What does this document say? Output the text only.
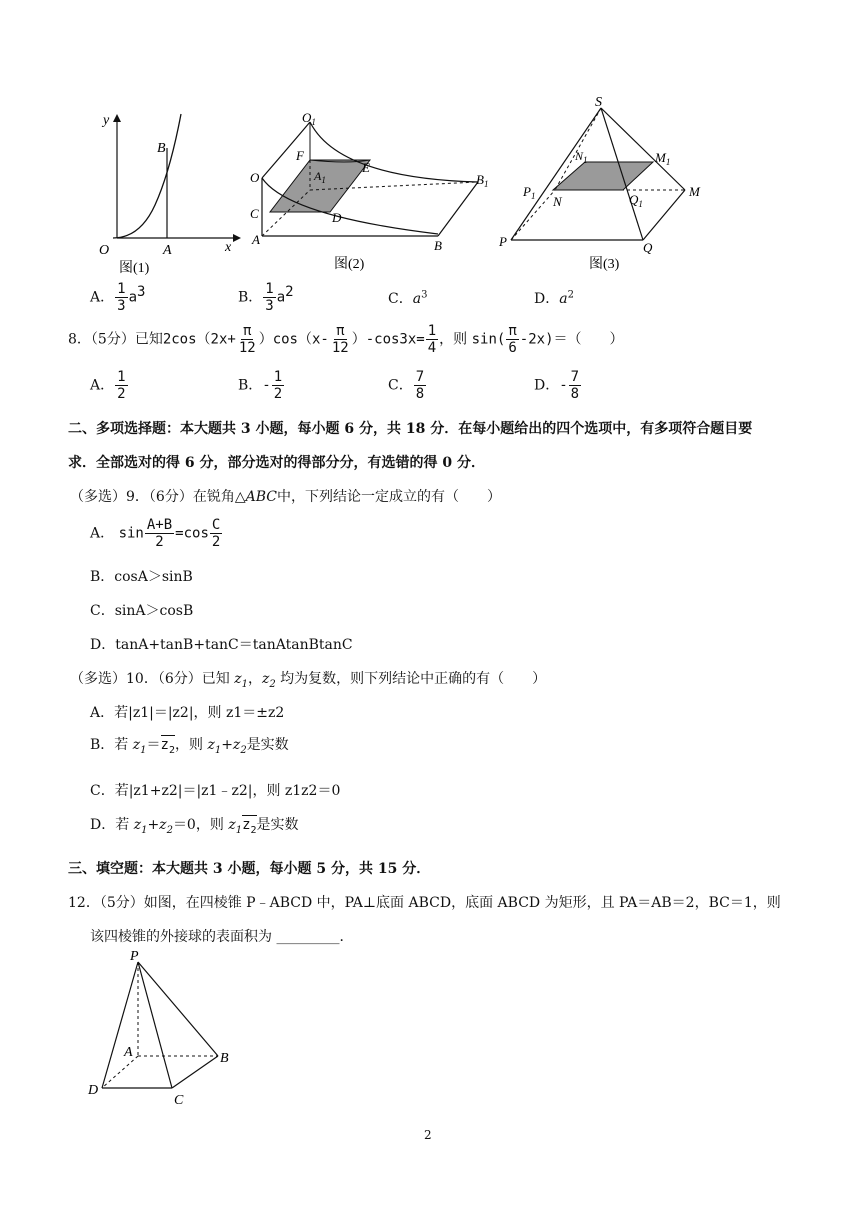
y
x
O	A
B
图(1)
$O_1$
O
F
$A_1$
E
$B_1$
C	D
A	B
图(2)
S
$N_1$	$M_1$
$P_1$ N	$Q_1$
M
P	Q
图(3)
A． $\frac{1}{3} a^3$	B． $\frac{1}{3} a^2$	C．$a^3$	D．$a^2$
8．（5分）已知$2\cos(2x+ \frac{\pi}{12} )\cos(x- \frac{\pi}{12} )-\cos 3x= \frac{1}{4}$ ，则 $\sin( \frac{\pi}{6} -2x)=$（　　）
A． $\frac{1}{2}$	B．- $\frac{1}{2}$	C． $\frac{7}{8}$	D．- $\frac{7}{8}$
二、多项选择题：本大题共 3 小题，每小题 6 分，共 18 分．在每小题给出的四个选项中，有多项符合题目要
求．全部选对的得 6 分，部分选对的得部分分，有选错的得 0 分．
（多选）9．（6分）在锐角△ABC中，下列结论一定成立的有（　　）
A． $\sin \frac{A+B}{2} =\cos \frac{C}{2}$
B．cosA＞sinB
C．sinA＞cosB
D．tanA+tanB+tanC＝tanAtanBtanC
（多选）10．（6分）已知 $z_1$，$z_2$ 均为复数，则下列结论中正确的有（　　）
A．若|z1|＝|z2|，则 z1＝±z2
B．若 $z_1=z_2$，则 $z_1+z_2$是实数
C．若|z1+z2|＝|z1﹣z2|，则 z1z2＝0
D．若 $z_1+z_2=0$，则 $z_1z_2$是实数
三、填空题：本大题共 3 小题，每小题 5 分，共 15 分．
12．（5分）如图，在四棱锥 P﹣ABCD 中，PA⊥底面 ABCD，底面 ABCD 为矩形，且 PA＝AB＝2，BC＝1，则
该四棱锥的外接球的表面积为 _________．
P
A	B
C
D
2
